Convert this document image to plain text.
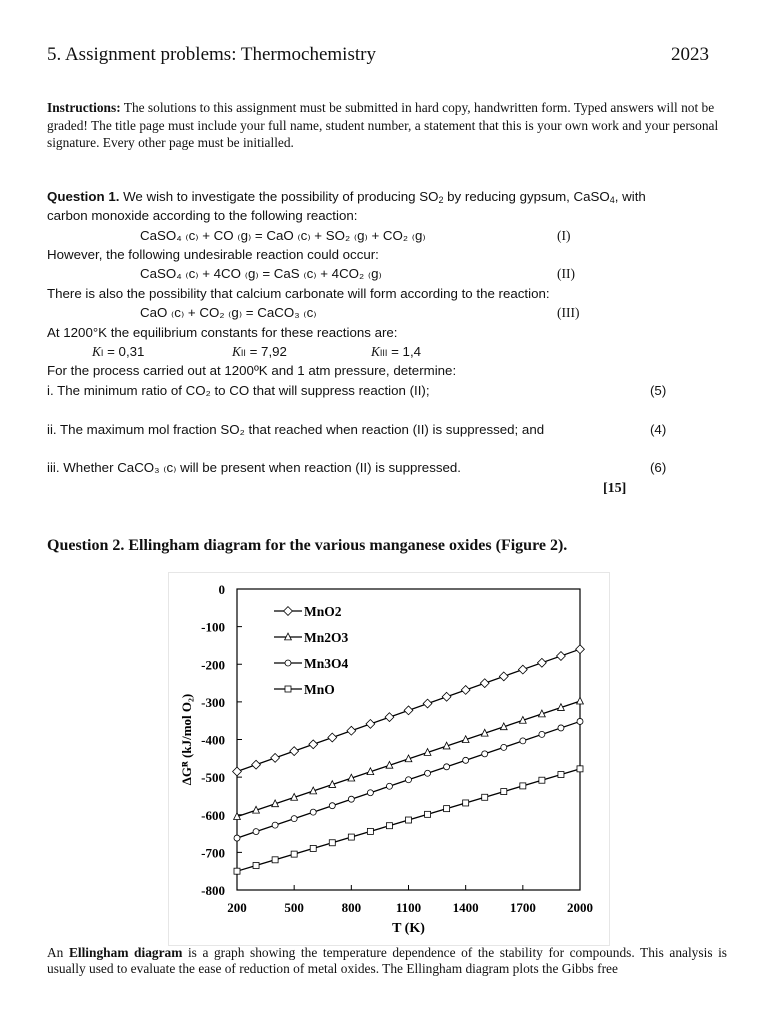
5. Assignment problems: Thermochemistry	2023
Instructions: The solutions to this assignment must be submitted in hard copy, handwritten form. Typed answers will not be graded! The title page must include your full name, student number, a statement that this is your own work and your personal signature. Every other page must be initialled.
Question 1. We wish to investigate the possibility of producing $SO_2$ by reducing gypsum, CaSO$_4$, with
carbon monoxide according to the following reaction:
CaSO₄ ₍c₎ + CO ₍g₎ = CaO ₍c₎ + SO₂ ₍g₎ + CO₂ ₍g₎	(I)
However, the following undesirable reaction could occur:
CaSO₄ ₍c₎ + 4CO ₍g₎ = CaS ₍c₎ + 4CO₂ ₍g₎	(II)
There is also the possibility that calcium carbonate will form according to the reaction:
CaO ₍c₎ + CO₂ ₍g₎ = CaCO₃ ₍c₎	(III)
At 1200°K the equilibrium constants for these reactions are:
KI = 0,31	KII = 7,92	KIII = 1,4
For the process carried out at 1200ºK and 1 atm pressure, determine:
i. The minimum ratio of CO₂ to CO that will suppress reaction (II);	(5)
ii. The maximum mol fraction SO₂ that reached when reaction (II) is suppressed; and	(4)
iii. Whether CaCO₃ ₍c₎ will be present when reaction (II) is suppressed.	(6)
[15]
Question 2. Ellingham diagram for the various manganese oxides (Figure 2).
0
-100
-200
-300
-400
-500
-600
-700
-800
200	500	800	1100 1400 1700 2000
T (K)
ΔGᴿ (kJ/mol O₂)
MnO2
Mn2O3
Mn3O4
MnO
An Ellingham diagram is a graph showing the temperature dependence of the stability for compounds. This analysis is usually used to evaluate the ease of reduction of metal oxides. The Ellingham diagram plots the Gibbs free
